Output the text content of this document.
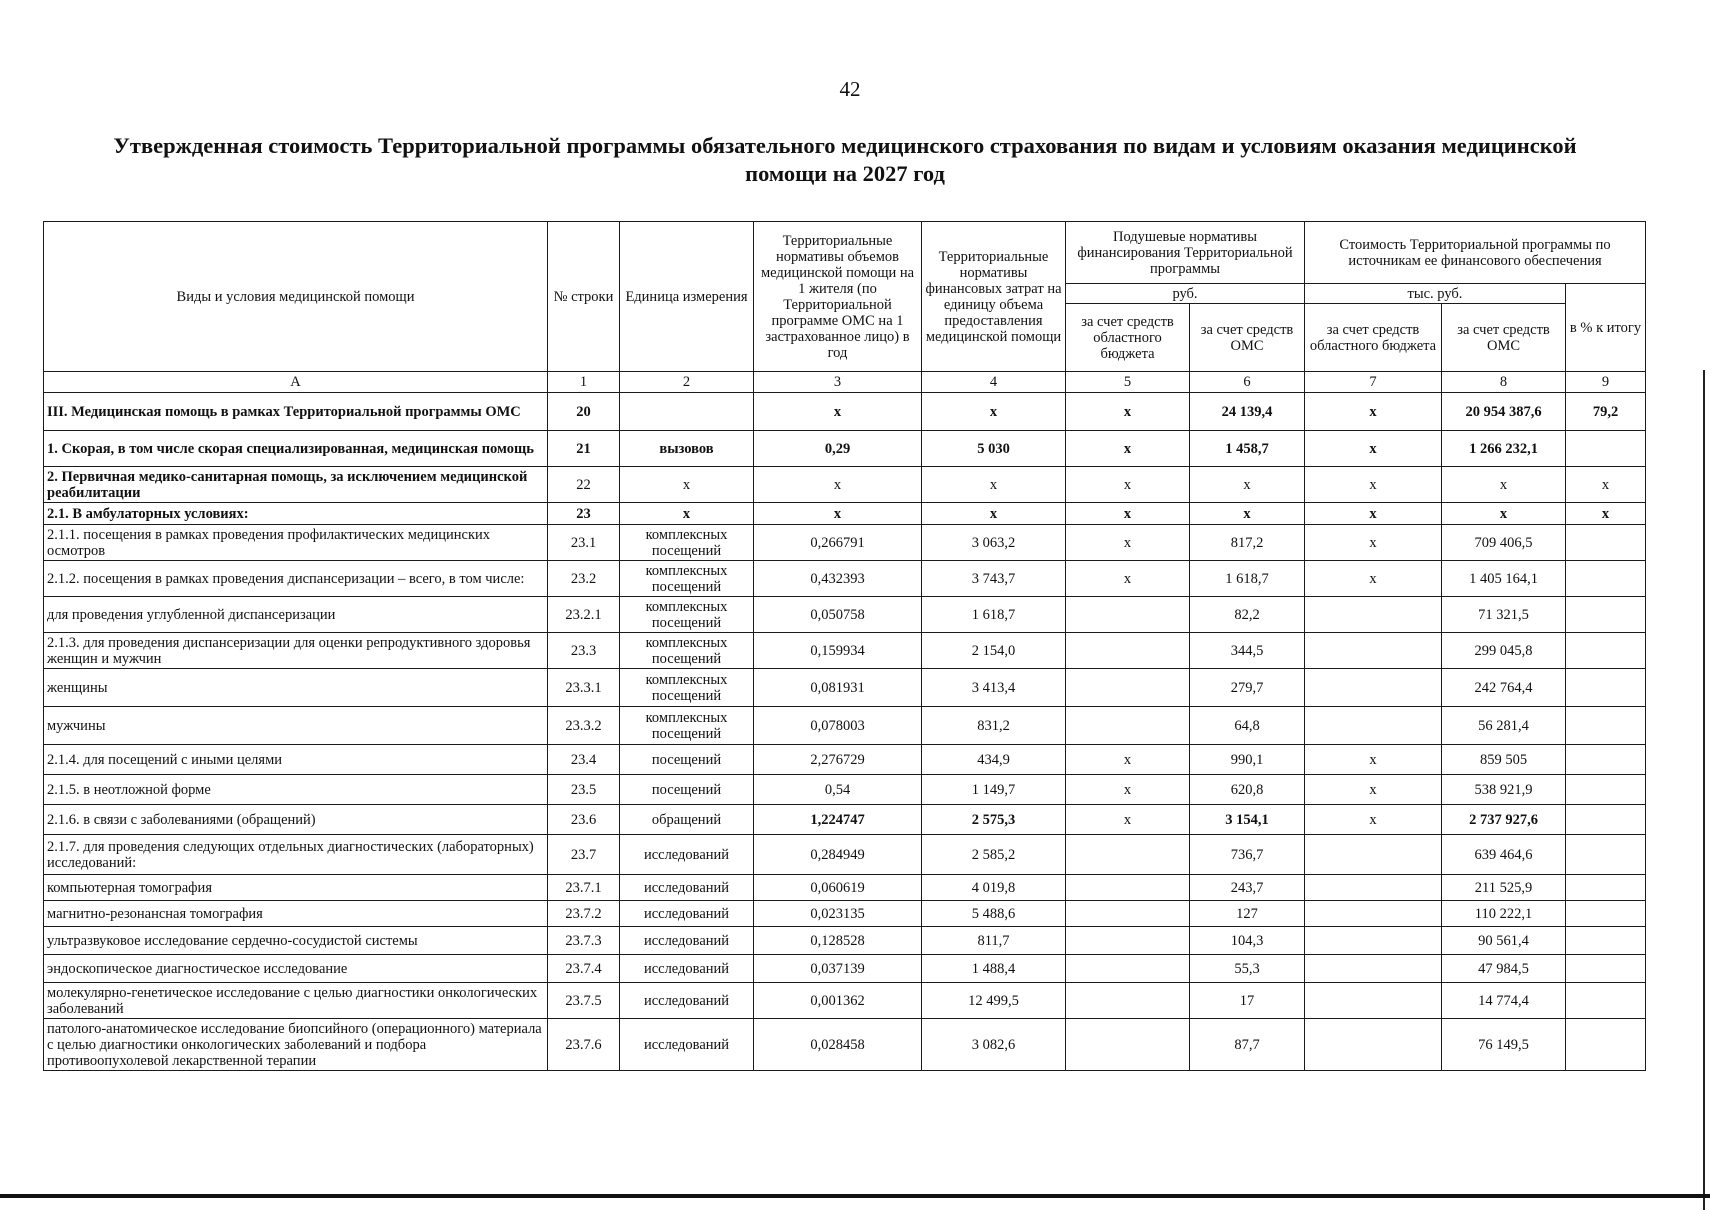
42
Утвержденная стоимость Территориальной программы обязательного медицинского страхования по видам и условиям оказания медицинской помощи на 2027 год
Виды и условия медицинской помощи	№ строки	Единица измерения	Территориальные нормативы объемов медицинской помощи на 1 жителя (по Территориальной программе ОМС на 1 застрахованное лицо) в год	Территориальные нормативы финансовых затрат на единицу объема предоставления медицинской помощи	Подушевые нормативы финансирования Территориальной программы		Стоимость Территориальной программы по источникам ее финансового обеспечения		
					руб.		тыс. руб.		в % к итогу
					за счет средств областного бюджета	за счет средств ОМС	за счет средств областного бюджета	за счет средств ОМС	
А	1	2	3	4	5	6	7	8	9
III. Медицинская помощь в рамках Территориальной программы ОМС	20		x	x	x	24 139,4	x	20 954 387,6	79,2
1. Скорая, в том числе скорая специализированная, медицинская помощь	21	вызовов	0,29	5 030	x	1 458,7	x	1 266 232,1	
2. Первичная медико-санитарная помощь, за исключением медицинской реабилитации	22	x	x	x	x	x	x	x	x
2.1. В амбулаторных условиях:	23	x	x	x	x	x	x	x	x
2.1.1. посещения в рамках проведения профилактических медицинских осмотров	23.1	комплексных посещений	0,266791	3 063,2	x	817,2	x	709 406,5	
2.1.2. посещения в рамках проведения диспансеризации – всего, в том числе:	23.2	комплексных посещений	0,432393	3 743,7	x	1 618,7	x	1 405 164,1	
для проведения углубленной диспансеризации	23.2.1	комплексных посещений	0,050758	1 618,7		82,2		71 321,5	
2.1.3. для проведения диспансеризации для оценки репродуктивного здоровья женщин и мужчин	23.3	комплексных посещений	0,159934	2 154,0		344,5		299 045,8	
женщины	23.3.1	комплексных посещений	0,081931	3 413,4		279,7		242 764,4	
мужчины	23.3.2	комплексных посещений	0,078003	831,2		64,8		56 281,4	
2.1.4. для посещений с иными целями	23.4	посещений	2,276729	434,9	x	990,1	x	859 505	
2.1.5. в неотложной форме	23.5	посещений	0,54	1 149,7	x	620,8	x	538 921,9	
2.1.6. в связи с заболеваниями (обращений)	23.6	обращений	1,224747	2 575,3	x	3 154,1	x	2 737 927,6	
2.1.7. для проведения следующих отдельных диагностических (лабораторных) исследований:	23.7	исследований	0,284949	2 585,2		736,7		639 464,6	
компьютерная томография	23.7.1	исследований	0,060619	4 019,8		243,7		211 525,9	
магнитно-резонансная томография	23.7.2	исследований	0,023135	5 488,6		127		110 222,1	
ультразвуковое исследование сердечно-сосудистой системы	23.7.3	исследований	0,128528	811,7		104,3		90 561,4	
эндоскопическое диагностическое исследование	23.7.4	исследований	0,037139	1 488,4		55,3		47 984,5	
молекулярно-генетическое исследование с целью диагностики онкологических заболеваний	23.7.5	исследований	0,001362	12 499,5		17		14 774,4	
патолого-анатомическое исследование биопсийного (операционного) материала с целью диагностики онкологических заболеваний и подбора противоопухолевой лекарственной терапии	23.7.6	исследований	0,028458	3 082,6		87,7		76 149,5	
